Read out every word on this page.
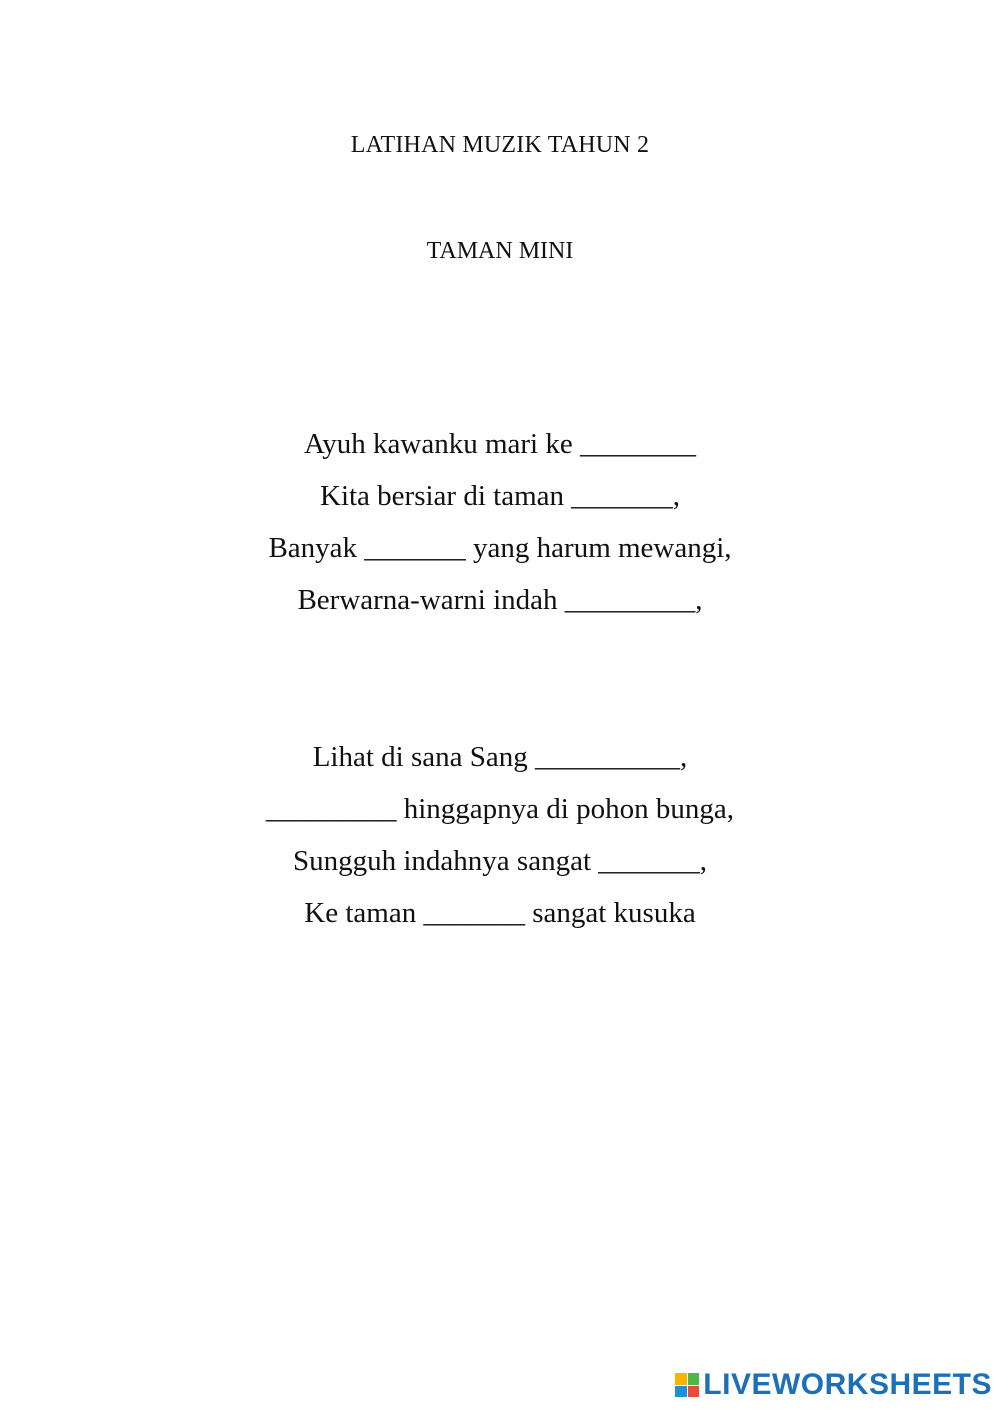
LATIHAN MUZIK TAHUN 2
TAMAN MINI
Ayuh kawanku mari ke ________
Kita bersiar di taman _______,
Banyak _______ yang harum mewangi,
Berwarna-warni indah _________,
Lihat di sana Sang __________,
_________ hinggapnya di pohon bunga,
Sungguh indahnya sangat _______,
Ke taman _______ sangat kusuka
LIVEWORKSHEETS
